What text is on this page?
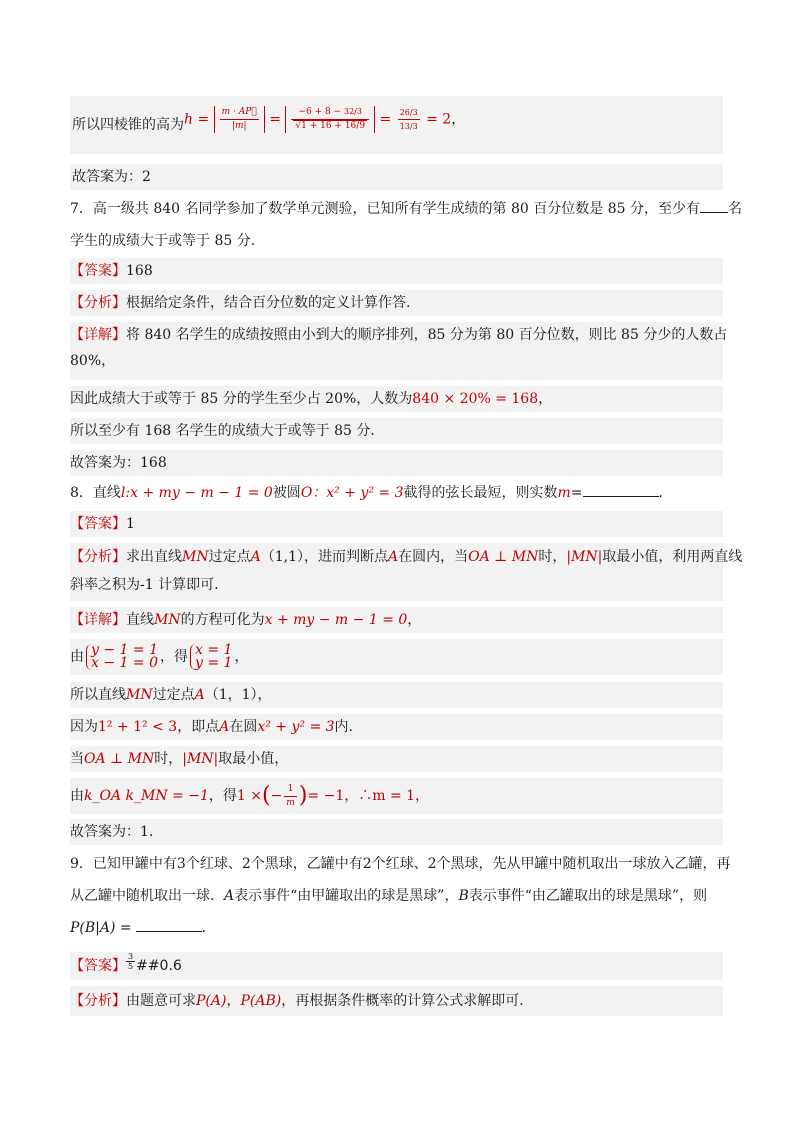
所以四棱锥的高为 $h = \frac{m \cdot AP⃗}{|m|} = \frac{-6 + 8 - 32/3}{√1 + 16 + 16/9} = \frac{26/3}{13/3} = 2$，
故答案为：2
7．高一级共 840 名同学参加了数学单元测验，已知所有学生成绩的第 80 百分位数是 85 分，至少有 名
学生的成绩大于或等于 85 分.
【答案】168
【分析】根据给定条件，结合百分位数的定义计算作答.
【详解】将 840 名学生的成绩按照由小到大的顺序排列，85 分为第 80 百分位数，则比 85 分少的人数占
80%，
因此成绩大于或等于 85 分的学生至少占 20%，人数为840 × 20% = 168，
所以至少有 168 名学生的成绩大于或等于 85 分.
故答案为：168
8．直线l:x + my − m − 1 = 0被圆O：x² + y² = 3截得的弦长最短，则实数m=	.
【答案】1
【分析】求出直线MN过定点A（1,1），进而判断点A在圆内，当OA ⊥ MN时，|MN|取最小值，利用两直线
斜率之积为-1 计算即可.
【详解】直线MN的方程可化为x + my − m − 1 = 0，
由 y − 1 = 1
x − 1 = 0 ，得 x = 1
y = 1 ，
所以直线MN过定点A（1，1），
因为1² + 1² < 3，即点A在圆x² + y² = 3内.
当OA ⊥ MN时，|MN|取最小值，
由k_OA k_MN = −1，得1 ×(− $\frac{1}{m}$ )= −1，∴m = 1，
故答案为：1.
9．已知甲罐中有3个红球、2个黑球，乙罐中有2个红球、2个黑球，先从甲罐中随机取出一球放入乙罐，再
从乙罐中随机取出一球．A表示事件“由甲罐取出的球是黑球”，B表示事件“由乙罐取出的球是黑球”，则
P(B|A) =	.
【答案】 $\frac{3}{5}$ ##0.6
【分析】由题意可求P(A)，P(AB)，再根据条件概率的计算公式求解即可．
